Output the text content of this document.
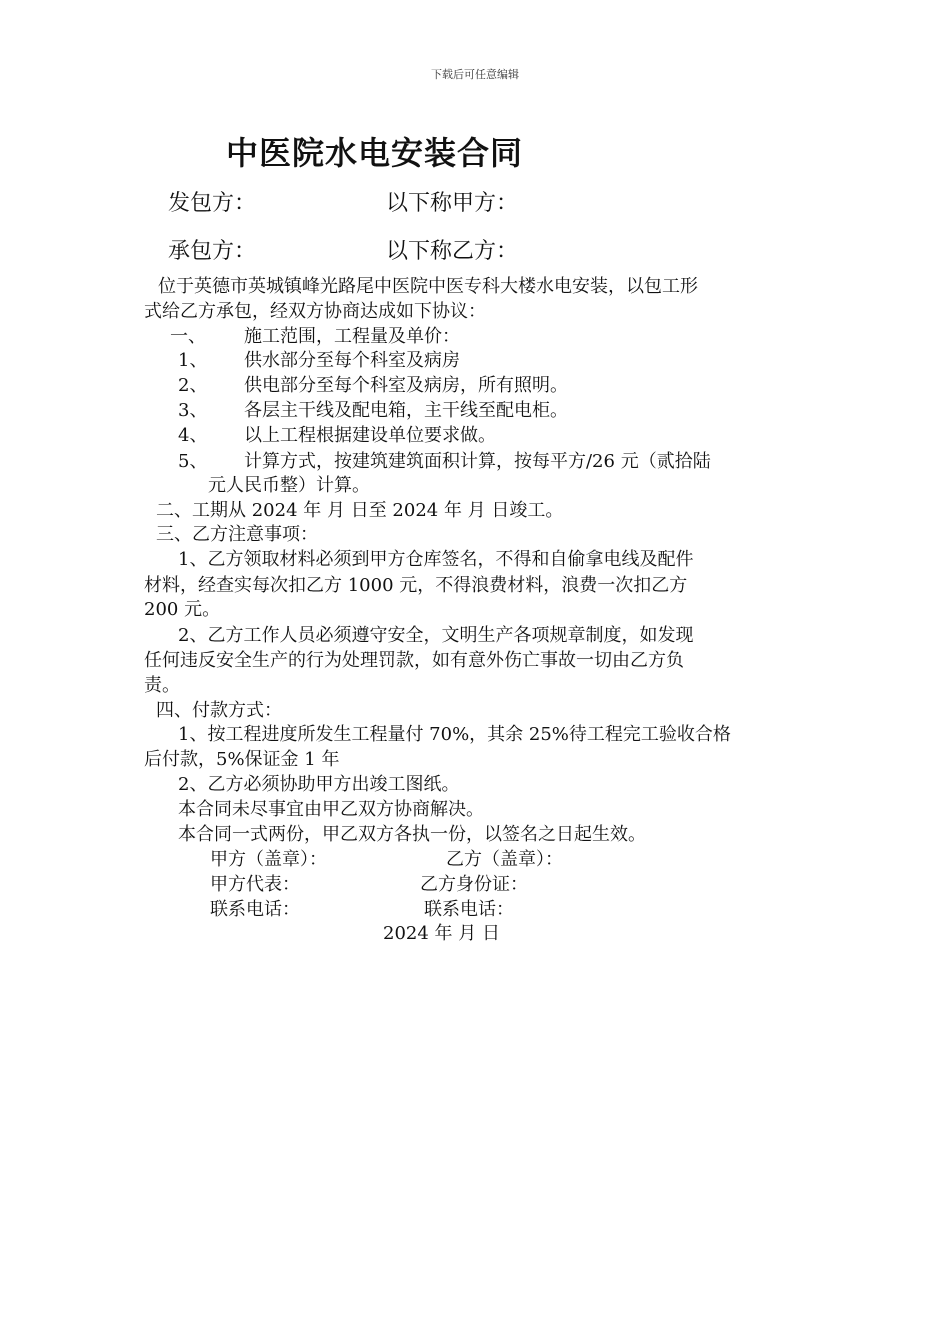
下载后可任意编辑
中医院水电安装合同
发包方：	以下称甲方：
承包方：	以下称乙方：
位于英德市英城镇峰光路尾中医院中医专科大楼水电安装，以包工形
式给乙方承包，经双方协商达成如下协议：
一、 施工范围，工程量及单价：
1、 供水部分至每个科室及病房
2、 供电部分至每个科室及病房，所有照明。
3、 各层主干线及配电箱，主干线至配电柜。
4、 以上工程根据建设单位要求做。
5、 计算方式，按建筑建筑面积计算，按每平方/26 元（贰拾陆
元人民币整）计算。
二、工期从 2024 年 月 日至 2024 年 月 日竣工。
三、乙方注意事项：
1、乙方领取材料必须到甲方仓库签名，不得和自偷拿电线及配件
材料，经查实每次扣乙方 1000 元，不得浪费材料，浪费一次扣乙方
200 元。
2、乙方工作人员必须遵守安全，文明生产各项规章制度，如发现
任何违反安全生产的行为处理罚款，如有意外伤亡事故一切由乙方负
责。
四、付款方式：
1、按工程进度所发生工程量付 70%，其余 25%待工程完工验收合格
后付款，5%保证金 1 年
2、乙方必须协助甲方出竣工图纸。
本合同未尽事宜由甲乙双方协商解决。
本合同一式两份，甲乙双方各执一份，以签名之日起生效。
甲方（盖章）：	乙方（盖章）：
甲方代表：	乙方身份证：
联系电话：	联系电话：
2024 年 月 日
